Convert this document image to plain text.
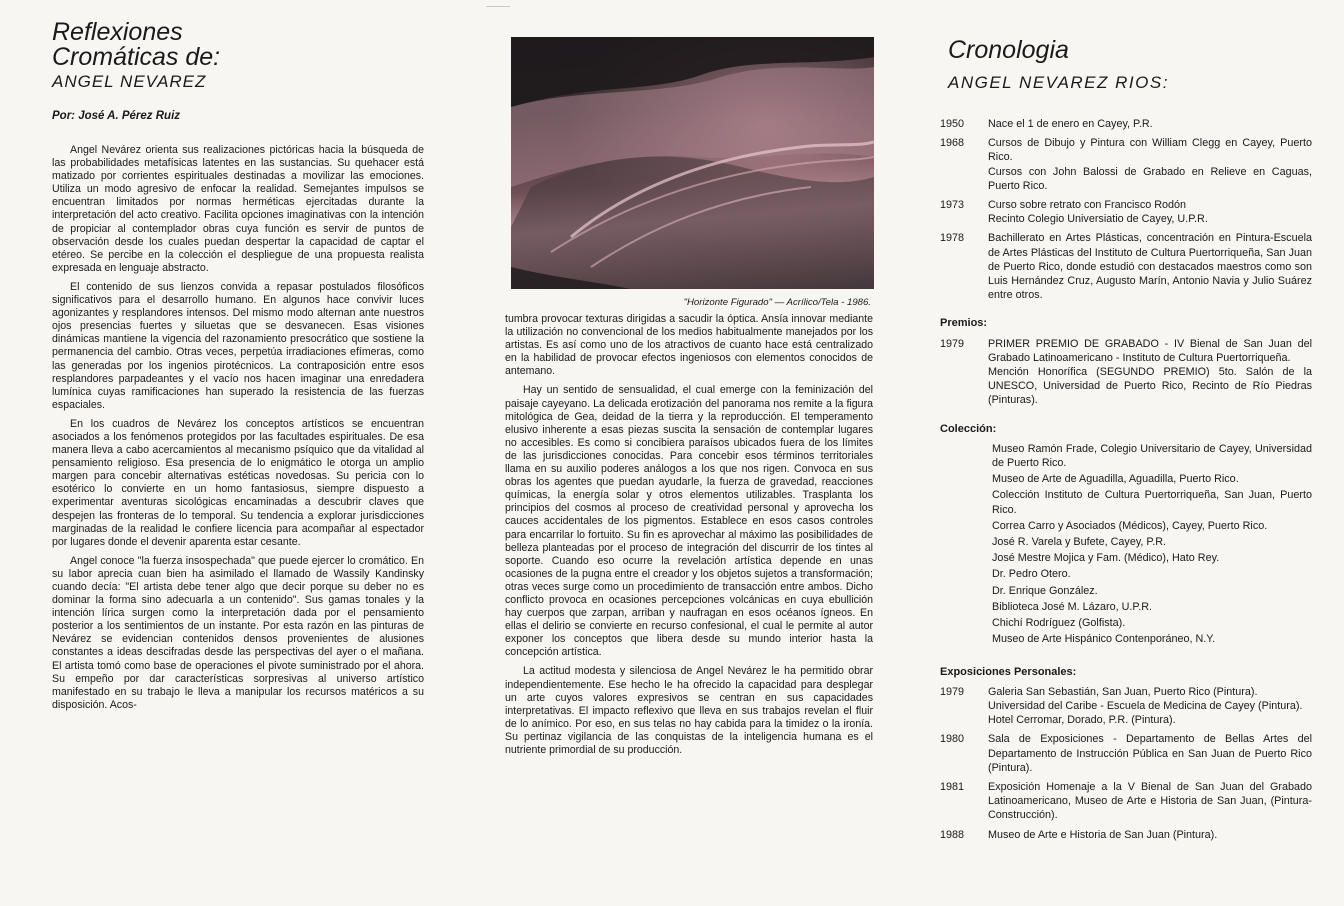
Reflexiones
Cromáticas de:
ANGEL NEVAREZ
Por: José A. Pérez Ruiz

Angel Nevárez orienta sus realizaciones pictóricas hacia la búsqueda de las probabilidades metafísicas latentes en las sustancias. Su quehacer está matizado por corrientes espirituales destinadas a movilizar las emociones. Utiliza un modo agresivo de enfocar la realidad. Semejantes impulsos se encuentran limitados por normas herméticas ejercitadas durante la interpretación del acto creativo. Facilita opciones imaginativas con la intención de propiciar al contemplador obras cuya función es servir de puntos de observación desde los cuales puedan despertar la capacidad de captar el etéreo. Se percibe en la colección el despliegue de una propuesta realista expresada en lenguaje abstracto.

El contenido de sus lienzos convida a repasar postulados filosóficos significativos para el desarrollo humano. En algunos hace convivir luces agonizantes y resplandores intensos. Del mismo modo alternan ante nuestros ojos presencias fuertes y siluetas que se desvanecen. Esas visiones dinámicas mantiene la vigencia del razonamiento presocrático que sostiene la permanencia del cambio. Otras veces, perpetúa irradiaciones efímeras, como las generadas por los ingenios pirotécnicos. La contraposición entre esos resplandores parpadeantes y el vacío nos hacen imaginar una enredadera lumínica cuyas ramificaciones han superado la resistencia de las fuerzas espaciales.

En los cuadros de Nevárez los conceptos artísticos se encuentran asociados a los fenómenos protegidos por las facultades espirituales. De esa manera lleva a cabo acercamientos al mecanismo psíquico que da vitalidad al pensamiento religioso. Esa presencia de lo enigmático le otorga un amplio margen para concebir alternativas estéticas novedosas. Su pericia con lo esotérico lo convierte en un homo fantasiosus, siempre dispuesto a experimentar aventuras sicológicas encaminadas a descubrir claves que despejen las fronteras de lo temporal. Su tendencia a explorar jurisdicciones marginadas de la realidad le confiere licencia para acompañar al espectador por lugares donde el devenir aparenta estar cesante.

Angel conoce "la fuerza insospechada" que puede ejercer lo cromático. En su labor aprecia cuan bien ha asimilado el llamado de Wassily Kandinsky cuando decía: "El artista debe tener algo que decir porque su deber no es dominar la forma sino adecuarla a un contenido". Sus gamas tonales y la intención lírica surgen como la interpretación dada por el pensamiento posterior a los sentimientos de un instante. Por esta razón en las pinturas de Nevárez se evidencian contenidos densos provenientes de alusiones constantes a ideas descifradas desde las perspectivas del ayer o el mañana. El artista tomó como base de operaciones el pivote suministrado por el ahora. Su empeño por dar características sorpresivas al universo artístico manifestado en su trabajo le lleva a manipular los recursos matéricos a su disposición. Acos-

"Horizonte Figurado" — Acrílico/Tela - 1986.

tumbra provocar texturas dirigidas a sacudir la óptica. Ansía innovar mediante la utilización no convencional de los medios habitualmente manejados por los artistas. Es así como uno de los atractivos de cuanto hace está centralizado en la habilidad de provocar efectos ingeniosos con elementos conocidos de antemano.

Hay un sentido de sensualidad, el cual emerge con la feminización del paisaje cayeyano. La delicada erotización del panorama nos remite a la figura mitológica de Gea, deidad de la tierra y la reproducción. El temperamento elusivo inherente a esas piezas suscita la sensación de contemplar lugares no accesibles. Es como si concibiera paraísos ubicados fuera de los límites de las jurisdicciones conocidas. Para concebir esos términos territoriales llama en su auxilio poderes análogos a los que nos rigen. Convoca en sus obras los agentes que puedan ayudarle, la fuerza de gravedad, reacciones químicas, la energía solar y otros elementos utilizables. Trasplanta los principios del cosmos al proceso de creatividad personal y aprovecha los cauces accidentales de los pigmentos. Establece en esos casos controles para encarrilar lo fortuito. Su fin es aprovechar al máximo las posibilidades de belleza planteadas por el proceso de integración del discurrir de los tintes al soporte. Cuando eso ocurre la revelación artística depende en unas ocasiones de la pugna entre el creador y los objetos sujetos a transformación; otras veces surge como un procedimiento de transacción entre ambos. Dicho conflicto provoca en ocasiones percepciones volcánicas en cuya ebullición hay cuerpos que zarpan, arriban y naufragan en esos océanos ígneos. En ellas el delirio se convierte en recurso confesional, el cual le permite al autor exponer los conceptos que libera desde su mundo interior hasta la concepción artística.

La actitud modesta y silenciosa de Angel Nevárez le ha permitido obrar independientemente. Ese hecho le ha ofrecido la capacidad para desplegar un arte cuyos valores expresivos se centran en sus capacidades interpretativas. El impacto reflexivo que lleva en sus trabajos revelan el fluir de lo anímico. Por eso, en sus telas no hay cabida para la timidez o la ironía. Su pertinaz vigilancia de las conquistas de la inteligencia humana es el nutriente primordial de su producción.

Cronologia
ANGEL NEVAREZ RIOS:
1950	Nace el 1 de enero en Cayey, P.R.
1968	Cursos de Dibujo y Pintura con William Clegg en Cayey, Puerto Rico.
Cursos con John Balossi de Grabado en Relieve en Caguas, Puerto Rico.
1973	Curso sobre retrato con Francisco Rodón
Recinto Colegio Universiatio de Cayey, U.P.R.
1978	Bachillerato en Artes Plásticas, concentración en Pintura-Escuela de Artes Plásticas del Instituto de Cultura Puertorriqueña, San Juan de Puerto Rico, donde estudió con destacados maestros como son Luis Hernández Cruz, Augusto Marín, Antonio Navia y Julio Suárez entre otros.
Premios:
1979	PRIMER PREMIO DE GRABADO - IV Bienal de San Juan del Grabado Latinoamericano - Instituto de Cultura Puertorriqueña.
Mención Honorífica (SEGUNDO PREMIO) 5to. Salón de la UNESCO, Universidad de Puerto Rico, Recinto de Río Piedras (Pinturas).
Colección:
Museo Ramón Frade, Colegio Universitario de Cayey, Universidad de Puerto Rico.
Museo de Arte de Aguadilla, Aguadilla, Puerto Rico.
Colección Instituto de Cultura Puertorriqueña, San Juan, Puerto Rico.
Correa Carro y Asociados (Médicos), Cayey, Puerto Rico.
José R. Varela y Bufete, Cayey, P.R.
José Mestre Mojica y Fam. (Médico), Hato Rey.
Dr. Pedro Otero.
Dr. Enrique González.
Biblioteca José M. Lázaro, U.P.R.
Chichí Rodríguez (Golfista).
Museo de Arte Hispánico Contenporáneo, N.Y.
Exposiciones Personales:
1979	Galeria San Sebastián, San Juan, Puerto Rico (Pintura).
Universidad del Caribe - Escuela de Medicina de Cayey (Pintura).
Hotel Cerromar, Dorado, P.R. (Pintura).
1980	Sala de Exposiciones - Departamento de Bellas Artes del Departamento de Instrucción Pública en San Juan de Puerto Rico (Pintura).
1981	Exposición Homenaje a la V Bienal de San Juan del Grabado Latinoamericano, Museo de Arte e Historia de San Juan, (Pintura-Construcción).
1988	Museo de Arte e Historia de San Juan (Pintura).
